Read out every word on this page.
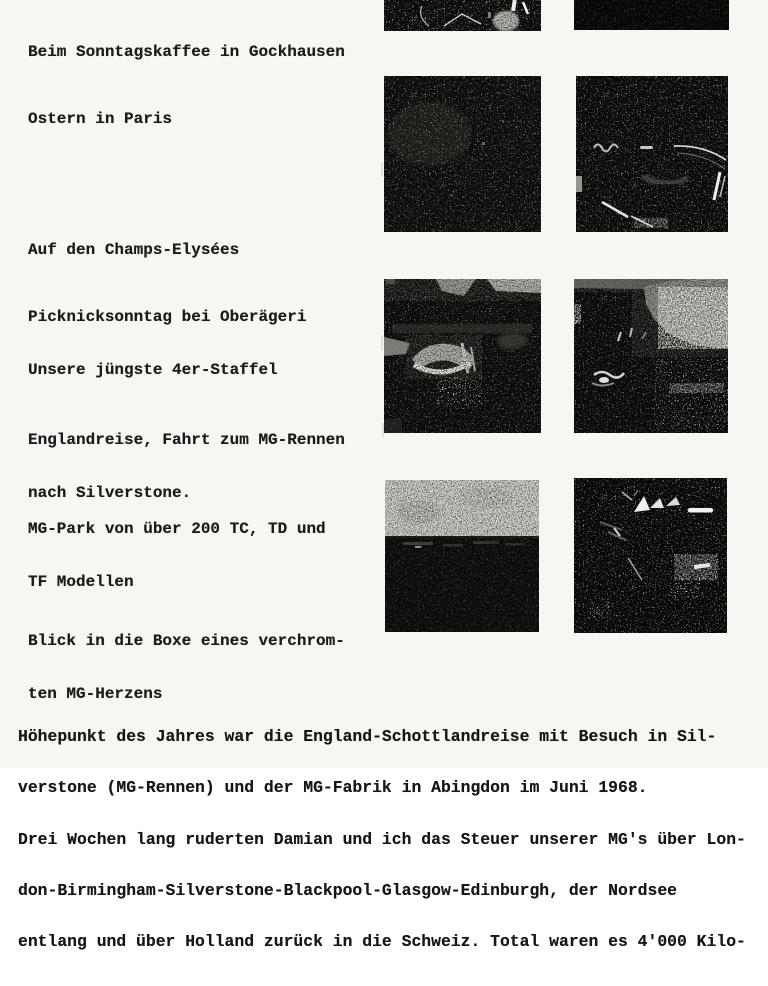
Beim Sonntagskaffee in Gockhausen

Ostern in Paris

Auf den Champs-Elysées

Picknicksonntag bei Oberägeri

Unsere jüngste 4er-Staffel

Englandreise, Fahrt zum MG-Rennen

nach Silverstone.

MG-Park von über 200 TC, TD und

TF Modellen

Blick in die Boxe eines verchrom-

ten MG-Herzens

Höhepunkt des Jahres war die England-Schottlandreise mit Besuch in Sil-

verstone (MG-Rennen) und der MG-Fabrik in Abingdon im Juni 1968.

Drei Wochen lang ruderten Damian und ich das Steuer unserer MG's über Lon-

don-Birmingham-Silverstone-Blackpool-Glasgow-Edinburgh, der Nordsee

entlang und über Holland zurück in die Schweiz. Total waren es 4'000 Kilo-
